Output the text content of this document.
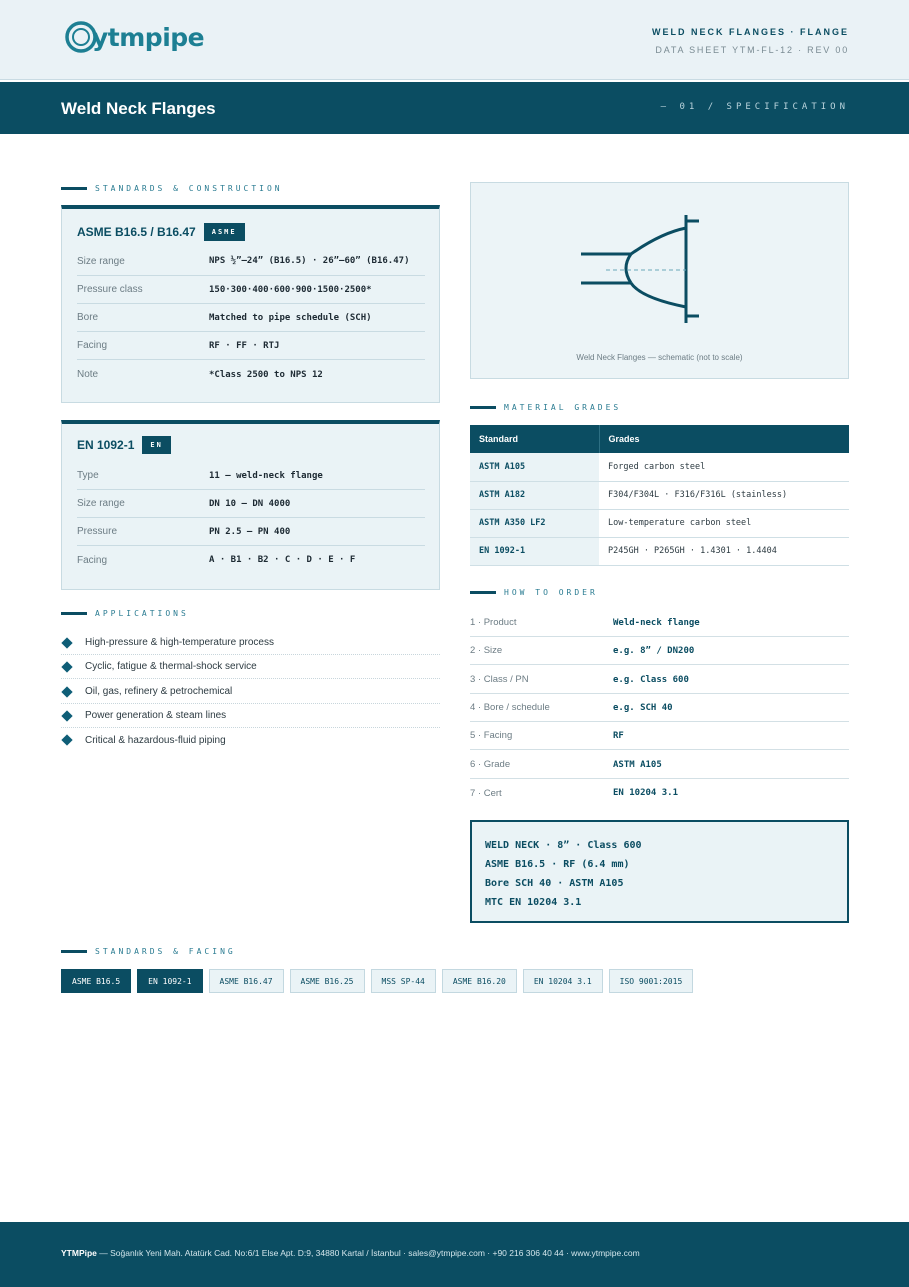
ytmpipe	WELD NECK FLANGES · FLANGE
DATA SHEET YTM-FL-12 · REV 00
Weld Neck Flanges	— 01 / SPECIFICATION
STANDARDS & CONSTRUCTION
ASME B16.5 / B16.47	ASME
Size range	NPS ½”–24” (B16.5) · 26”–60” (B16.47)
Pressure class	150·300·400·600·900·1500·2500*
Bore	Matched to pipe schedule (SCH)
Facing	RF · FF · RTJ
Note	*Class 2500 to NPS 12
EN 1092-1	EN
Type	11 — weld-neck flange
Size range	DN 10 – DN 4000
Pressure	PN 2.5 – PN 400
Facing	A · B1 · B2 · C · D · E · F
APPLICATIONS
High-pressure & high-temperature process
Cyclic, fatigue & thermal-shock service
Oil, gas, refinery & petrochemical
Power generation & steam lines
Critical & hazardous-fluid piping
Weld Neck Flanges — schematic (not to scale)
MATERIAL GRADES
Standard	Grades
ASTM A105	Forged carbon steel
ASTM A182	F304/F304L · F316/F316L (stainless)
ASTM A350 LF2	Low-temperature carbon steel
EN 1092-1	P245GH · P265GH · 1.4301 · 1.4404
HOW TO ORDER
1 · Product	Weld-neck flange
2 · Size	e.g. 8” / DN200
3 · Class / PN	e.g. Class 600
4 · Bore / schedule	e.g. SCH 40
5 · Facing	RF
6 · Grade	ASTM A105
7 · Cert	EN 10204 3.1
WELD NECK · 8” · Class 600
ASME B16.5 · RF (6.4 mm)
Bore SCH 40 · ASTM A105
MTC EN 10204 3.1
STANDARDS & FACING
ASME B16.5	EN 1092-1	ASME B16.47	ASME B16.25	MSS SP-44	ASME B16.20	EN 10204 3.1	ISO 9001:2015
YTMPipe — Soğanlık Yeni Mah. Atatürk Cad. No:6/1 Else Apt. D:9, 34880 Kartal / İstanbul · sales@ytmpipe.com · +90 216 306 40 44 · www.ytmpipe.com
